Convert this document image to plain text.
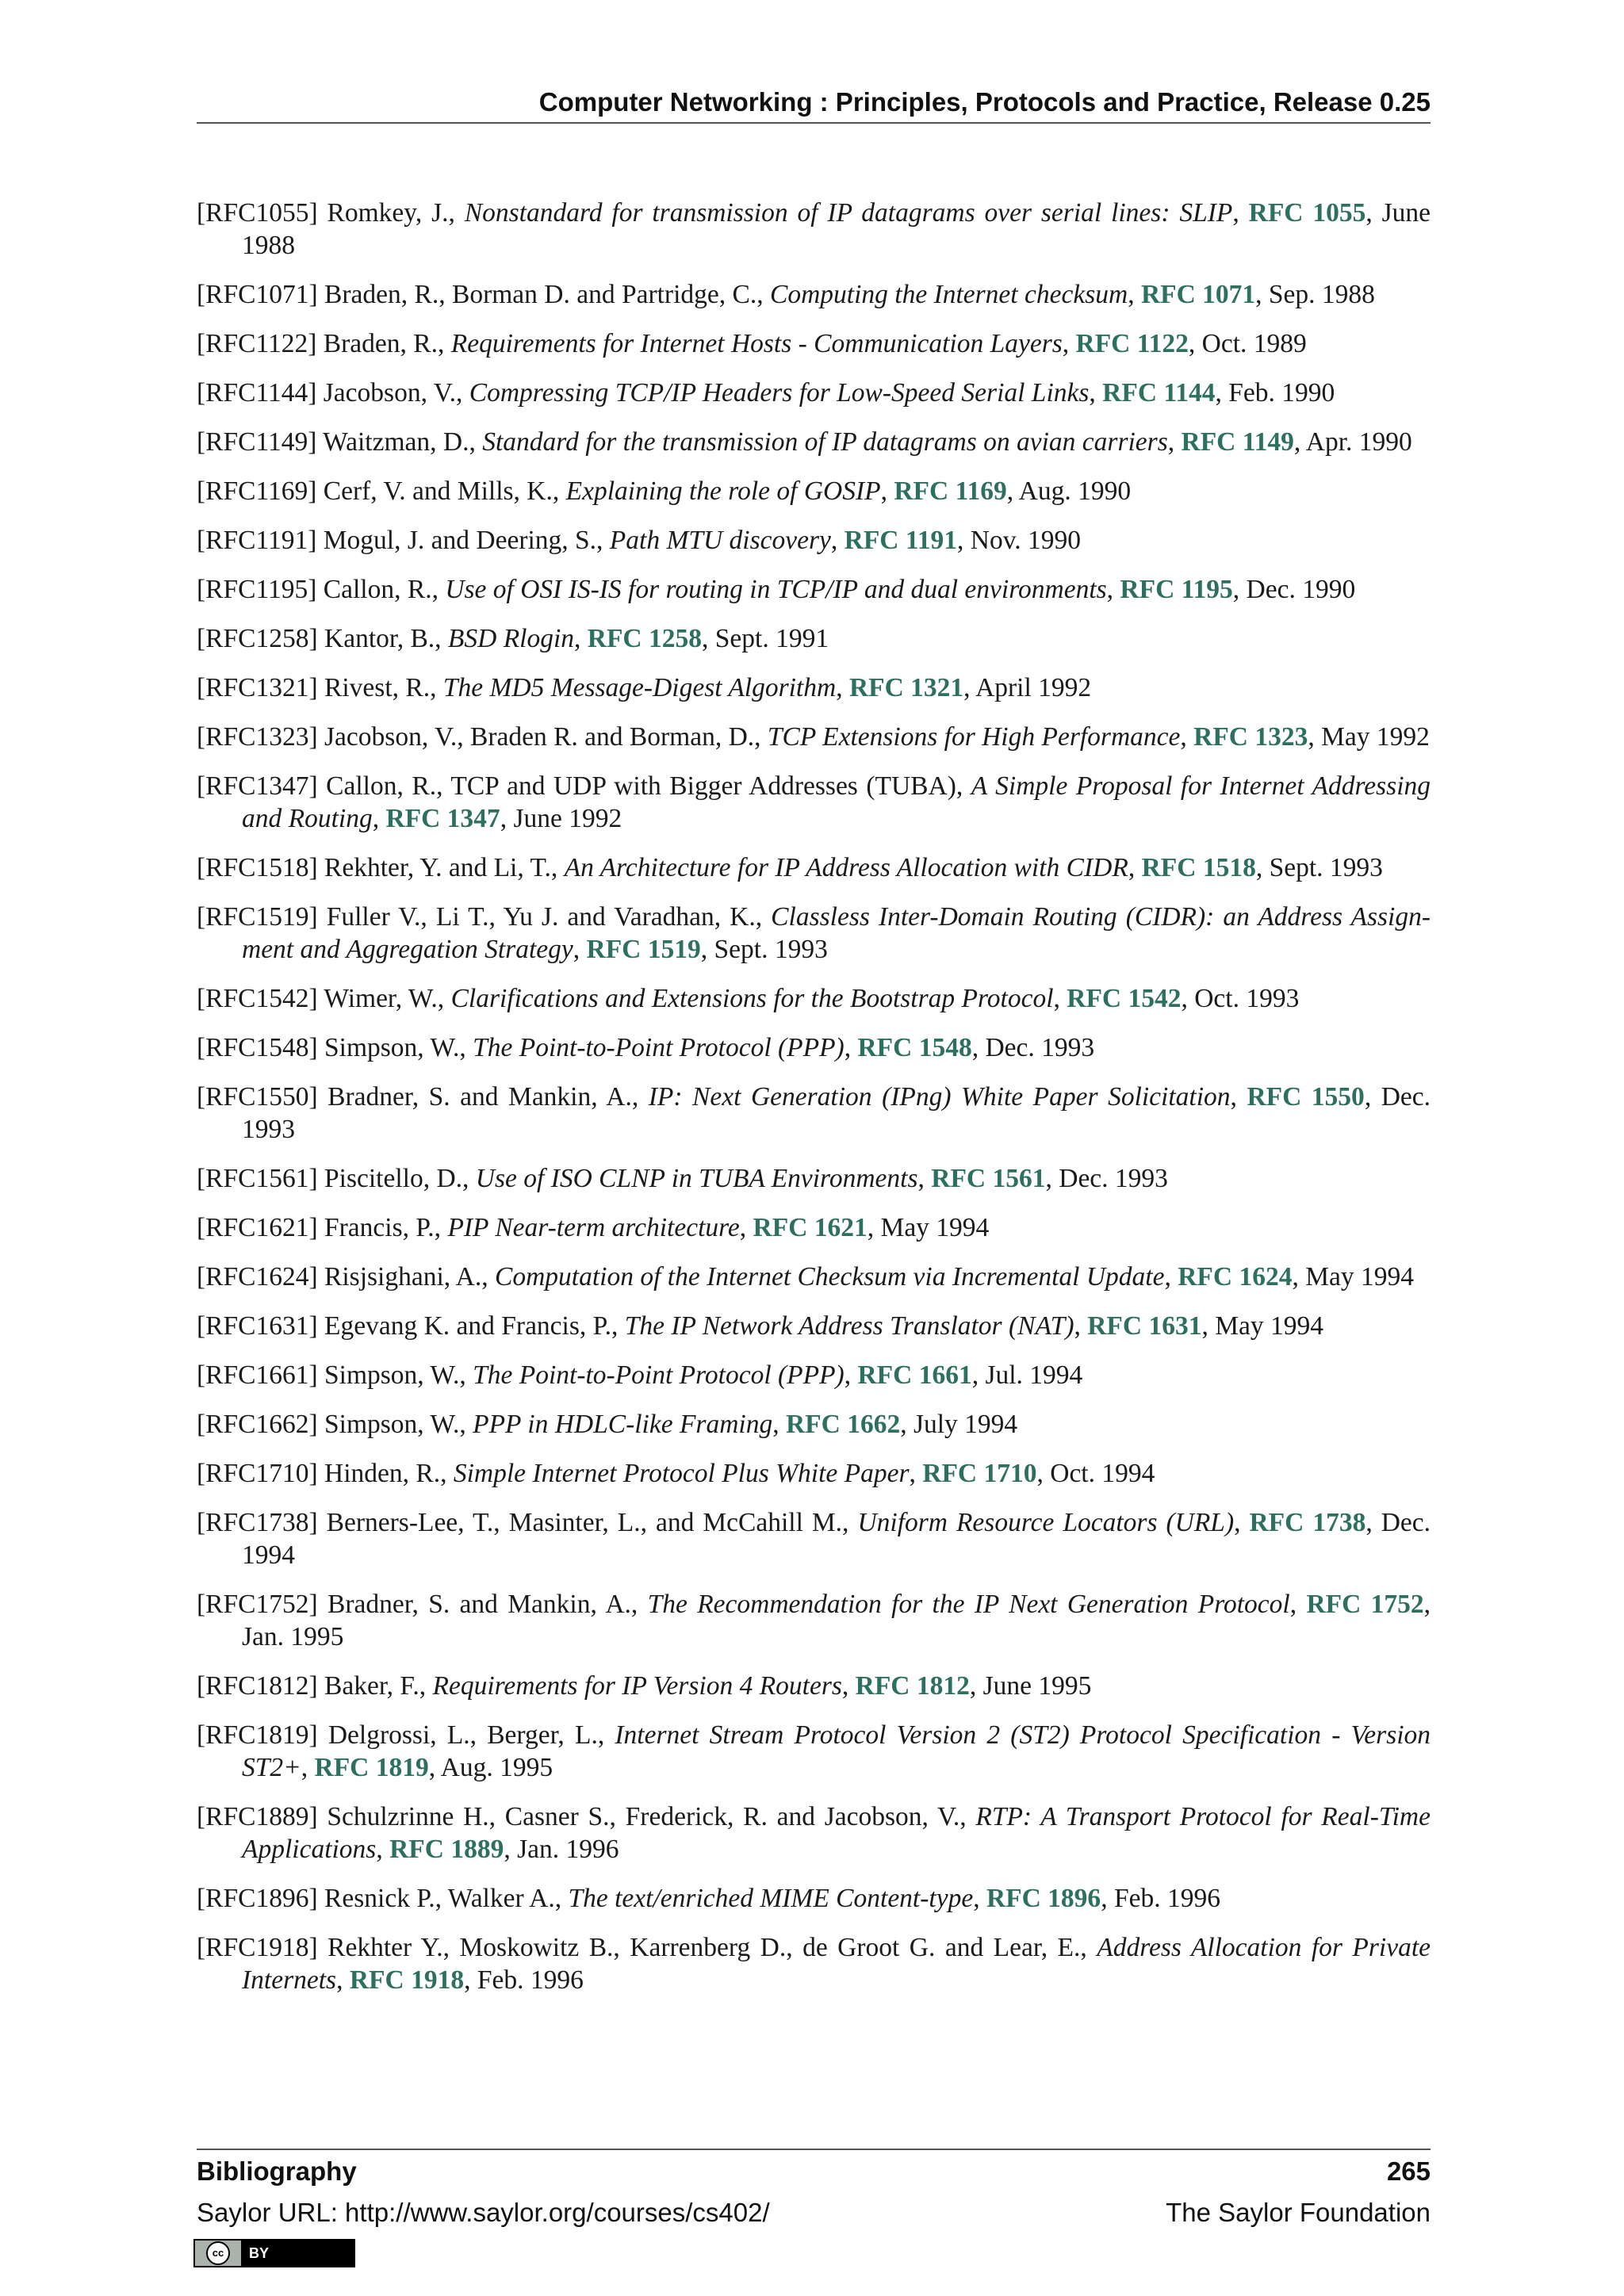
Computer Networking : Principles, Protocols and Practice, Release 0.25

[RFC1055] Romkey, J., Nonstandard for transmission of IP datagrams over serial lines: SLIP, RFC 1055, June 1988

[RFC1071] Braden, R., Borman D. and Partridge, C., Computing the Internet checksum, RFC 1071, Sep. 1988

[RFC1122] Braden, R., Requirements for Internet Hosts - Communication Layers, RFC 1122, Oct. 1989

[RFC1144] Jacobson, V., Compressing TCP/IP Headers for Low-Speed Serial Links, RFC 1144, Feb. 1990

[RFC1149] Waitzman, D., Standard for the transmission of IP datagrams on avian carriers, RFC 1149, Apr. 1990

[RFC1169] Cerf, V. and Mills, K., Explaining the role of GOSIP, RFC 1169, Aug. 1990

[RFC1191] Mogul, J. and Deering, S., Path MTU discovery, RFC 1191, Nov. 1990

[RFC1195] Callon, R., Use of OSI IS-IS for routing in TCP/IP and dual environments, RFC 1195, Dec. 1990

[RFC1258] Kantor, B., BSD Rlogin, RFC 1258, Sept. 1991

[RFC1321] Rivest, R., The MD5 Message-Digest Algorithm, RFC 1321, April 1992

[RFC1323] Jacobson, V., Braden R. and Borman, D., TCP Extensions for High Performance, RFC 1323, May 1992

[RFC1347] Callon, R., TCP and UDP with Bigger Addresses (TUBA), A Simple Proposal for Internet Addressing and Routing, RFC 1347, June 1992

[RFC1518] Rekhter, Y. and Li, T., An Architecture for IP Address Allocation with CIDR, RFC 1518, Sept. 1993

[RFC1519] Fuller V., Li T., Yu J. and Varadhan, K., Classless Inter-Domain Routing (CIDR): an Address Assign-ment and Aggregation Strategy, RFC 1519, Sept. 1993

[RFC1542] Wimer, W., Clarifications and Extensions for the Bootstrap Protocol, RFC 1542, Oct. 1993

[RFC1548] Simpson, W., The Point-to-Point Protocol (PPP), RFC 1548, Dec. 1993

[RFC1550] Bradner, S. and Mankin, A., IP: Next Generation (IPng) White Paper Solicitation, RFC 1550, Dec. 1993

[RFC1561] Piscitello, D., Use of ISO CLNP in TUBA Environments, RFC 1561, Dec. 1993

[RFC1621] Francis, P., PIP Near-term architecture, RFC 1621, May 1994

[RFC1624] Risjsighani, A., Computation of the Internet Checksum via Incremental Update, RFC 1624, May 1994

[RFC1631] Egevang K. and Francis, P., The IP Network Address Translator (NAT), RFC 1631, May 1994

[RFC1661] Simpson, W., The Point-to-Point Protocol (PPP), RFC 1661, Jul. 1994

[RFC1662] Simpson, W., PPP in HDLC-like Framing, RFC 1662, July 1994

[RFC1710] Hinden, R., Simple Internet Protocol Plus White Paper, RFC 1710, Oct. 1994

[RFC1738] Berners-Lee, T., Masinter, L., and McCahill M., Uniform Resource Locators (URL), RFC 1738, Dec. 1994

[RFC1752] Bradner, S. and Mankin, A., The Recommendation for the IP Next Generation Protocol, RFC 1752, Jan. 1995

[RFC1812] Baker, F., Requirements for IP Version 4 Routers, RFC 1812, June 1995

[RFC1819] Delgrossi, L., Berger, L., Internet Stream Protocol Version 2 (ST2) Protocol Specification - Version ST2+, RFC 1819, Aug. 1995

[RFC1889] Schulzrinne H., Casner S., Frederick, R. and Jacobson, V., RTP: A Transport Protocol for Real-Time Applications, RFC 1889, Jan. 1996

[RFC1896] Resnick P., Walker A., The text/enriched MIME Content-type, RFC 1896, Feb. 1996

[RFC1918] Rekhter Y., Moskowitz B., Karrenberg D., de Groot G. and Lear, E., Address Allocation for Private Internets, RFC 1918, Feb. 1996

Bibliography	265
Saylor URL: http://www.saylor.org/courses/cs402/	The Saylor Foundation
cc	BY
